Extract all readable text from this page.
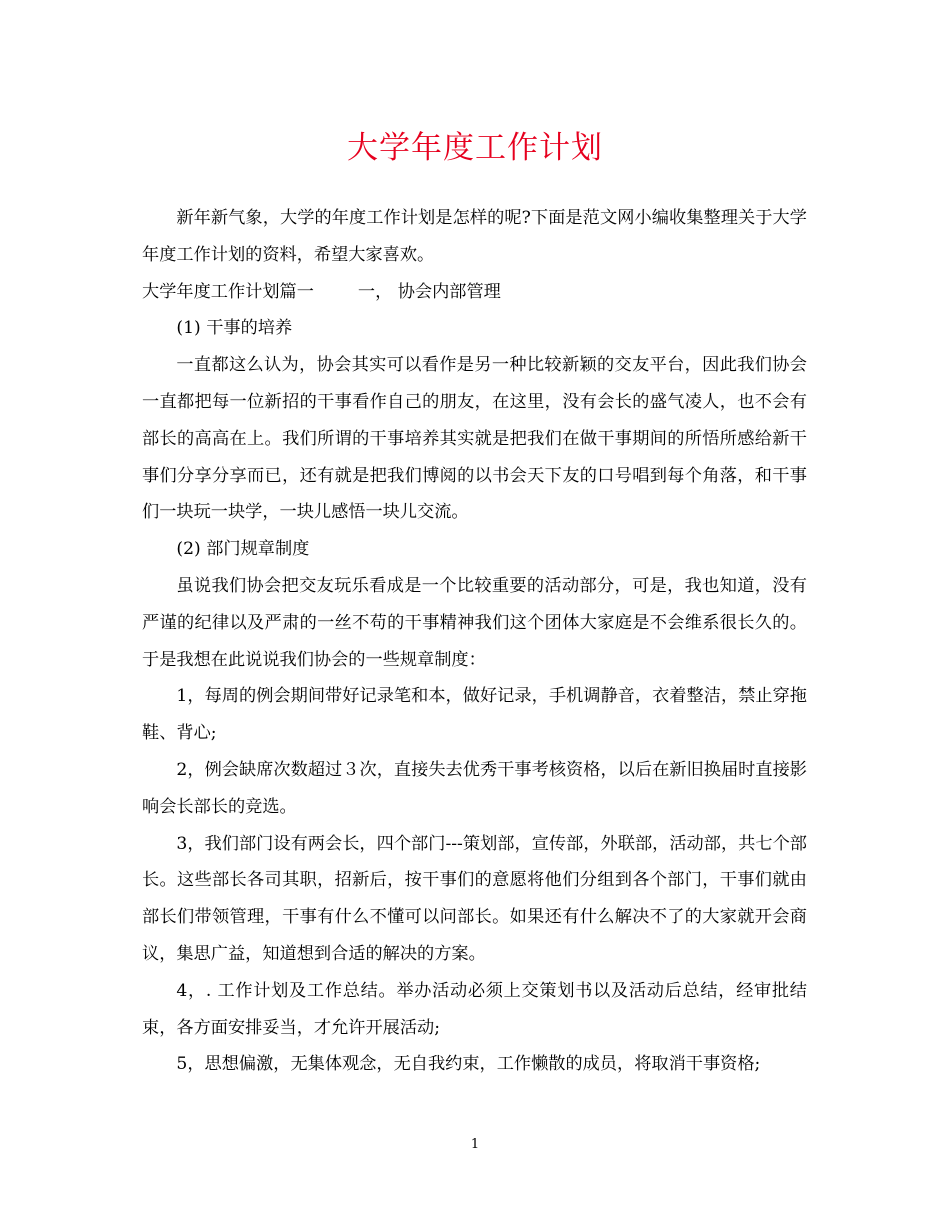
大学年度工作计划

新年新气象，大学的年度工作计划是怎样的呢?下面是范文网小编收集整理关于大学年度工作计划的资料，希望大家喜欢。

大学年度工作计划篇一	一， 协会内部管理

(1) 干事的培养

一直都这么认为，协会其实可以看作是另一种比较新颖的交友平台，因此我们协会一直都把每一位新招的干事看作自己的朋友，在这里，没有会长的盛气凌人，也不会有部长的高高在上。我们所谓的干事培养其实就是把我们在做干事期间的所悟所感给新干事们分享分享而已，还有就是把我们博阅的以书会天下友的口号唱到每个角落，和干事们一块玩一块学，一块儿感悟一块儿交流。

(2) 部门规章制度

虽说我们协会把交友玩乐看成是一个比较重要的活动部分，可是，我也知道，没有严谨的纪律以及严肃的一丝不苟的干事精神我们这个团体大家庭是不会维系很长久的。于是我想在此说说我们协会的一些规章制度：

1，每周的例会期间带好记录笔和本，做好记录，手机调静音，衣着整洁，禁止穿拖鞋、背心;

2，例会缺席次数超过３次，直接失去优秀干事考核资格，以后在新旧换届时直接影响会长部长的竞选。

3，我们部门设有两会长，四个部门---策划部，宣传部，外联部，活动部，共七个部长。这些部长各司其职，招新后，按干事们的意愿将他们分组到各个部门，干事们就由部长们带领管理，干事有什么不懂可以问部长。如果还有什么解决不了的大家就开会商议，集思广益，知道想到合适的解决的方案。

4，. 工作计划及工作总结。举办活动必须上交策划书以及活动后总结，经审批结束，各方面安排妥当，才允许开展活动;

5，思想偏激，无集体观念，无自我约束，工作懒散的成员，将取消干事资格;

1
